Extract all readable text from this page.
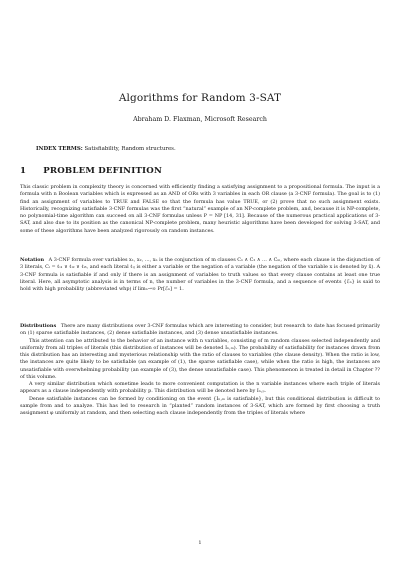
Algorithms for Random 3-SAT
Abraham D. Flaxman, Microsoft Research
INDEX TERMS: Satisfiability, Random structures.
1 PROBLEM DEFINITION

This classic problem in complexity theory is concerned with efficiently finding a satisfying assignment to a propositional formula. The input is a formula with n Boolean variables which is expressed as an AND of ORs with 3 variables in each OR clause (a 3-CNF formula). The goal is to (1) find an assignment of variables to TRUE and FALSE so that the formula has value TRUE, or (2) prove that no such assignment exists. Historically, recognizing satisfiable 3-CNF formulas was the first “natural” example of an NP-complete problem, and, because it is NP-complete, no polynomial-time algorithm can succeed on all 3-CNF formulas unless P = NP [14, 31]. Because of the numerous practical applications of 3-SAT, and also due to its position as the canonical NP-complete problem, many heuristic algorithms have been developed for solving 3-SAT, and some of these algorithms have been analyzed rigorously on random instances.

Notation A 3-CNF formula over variables x₁, x₂, …, xₙ is the conjunction of m clauses C₁ ∧ C₂ ∧ … ∧ Cₘ, where each clause is the disjunction of 3 literals, Cᵢ = ℓᵢ₁ ∨ ℓᵢ₂ ∨ ℓᵢ₃, and each literal ℓᵢⱼ is either a variable or the negation of a variable (the negation of the variable x is denoted by x̄). A 3-CNF formula is satisfiable if and only if there is an assignment of variables to truth values so that every clause contains at least one true literal. Here, all asymptotic analysis is in terms of n, the number of variables in the 3-CNF formula, and a sequence of events {ℰₙ} is said to hold with high probability (abbreviated whp) if limₙ→∞ Pr[ℰₙ] = 1.

Distributions There are many distributions over 3-CNF formulas which are interesting to consider, but research to date has focused primarily on (1) sparse satisfiable instances, (2) dense satisfiable instances, and (3) dense unsatisfiable instances.

This attention can be attributed to the behavior of an instance with n variables, consisting of m random clauses selected independently and uniformly from all triples of literals (this distribution of instances will be denoted Iₙ,ₘ). The probability of satisfiability for instances drawn from this distribution has an interesting and mysterious relationship with the ratio of clauses to variables (the clause density). When the ratio is low, the instances are quite likely to be satisfiable (an example of (1), the sparse satisfiable case), while when the ratio is high, the instances are unsatisfiable with overwhelming probability (an example of (3), the dense unsatisfiable case). This phenomenon is treated in detail in Chapter ?? of this volume.

A very similar distribution which sometime leads to more convenient computation is the n variable instances where each triple of literals appears as a clause independently with probability p. This distribution will be denoted here by Iₙ,ₚ.

Dense satisfiable instances can be formed by conditioning on the event {Iₙ,ₘ is satisfiable}, but this conditional distribution is difficult to sample from and to analyze. This has led to research in “planted” random instances of 3-SAT, which are formed by first choosing a truth assignment φ uniformly at random, and then selecting each clause independently from the triples of literals where

1
